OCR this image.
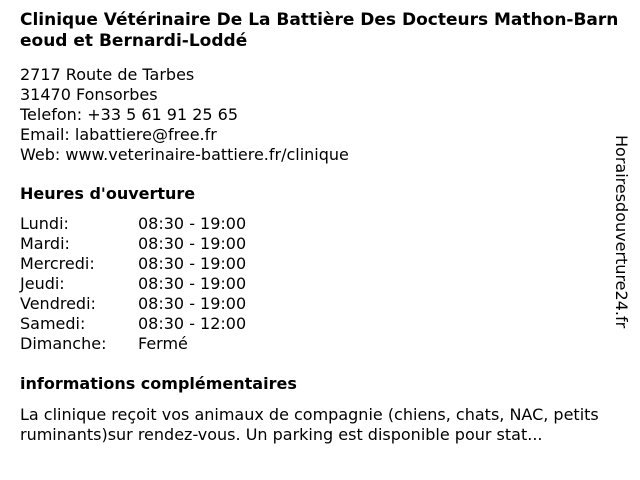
Clinique Vétérinaire De La Battière Des Docteurs Mathon-Barneoud et Bernardi-Loddé
2717 Route de Tarbes
31470 Fonsorbes
Telefon: +33 5 61 91 25 65
Email: labattiere@free.fr
Web: www.veterinaire-battiere.fr/clinique
Heures d'ouverture
Lundi:	08:30 - 19:00
Mardi:	08:30 - 19:00
Mercredi:	08:30 - 19:00
Jeudi:	08:30 - 19:00
Vendredi:	08:30 - 19:00
Samedi:	08:30 - 12:00
Dimanche: Fermé
informations complémentaires

La clinique reçoit vos animaux de compagnie (chiens, chats, NAC, petits ruminants)sur rendez-vous. Un parking est disponible pour stat...

Horairesdouverture24.fr
